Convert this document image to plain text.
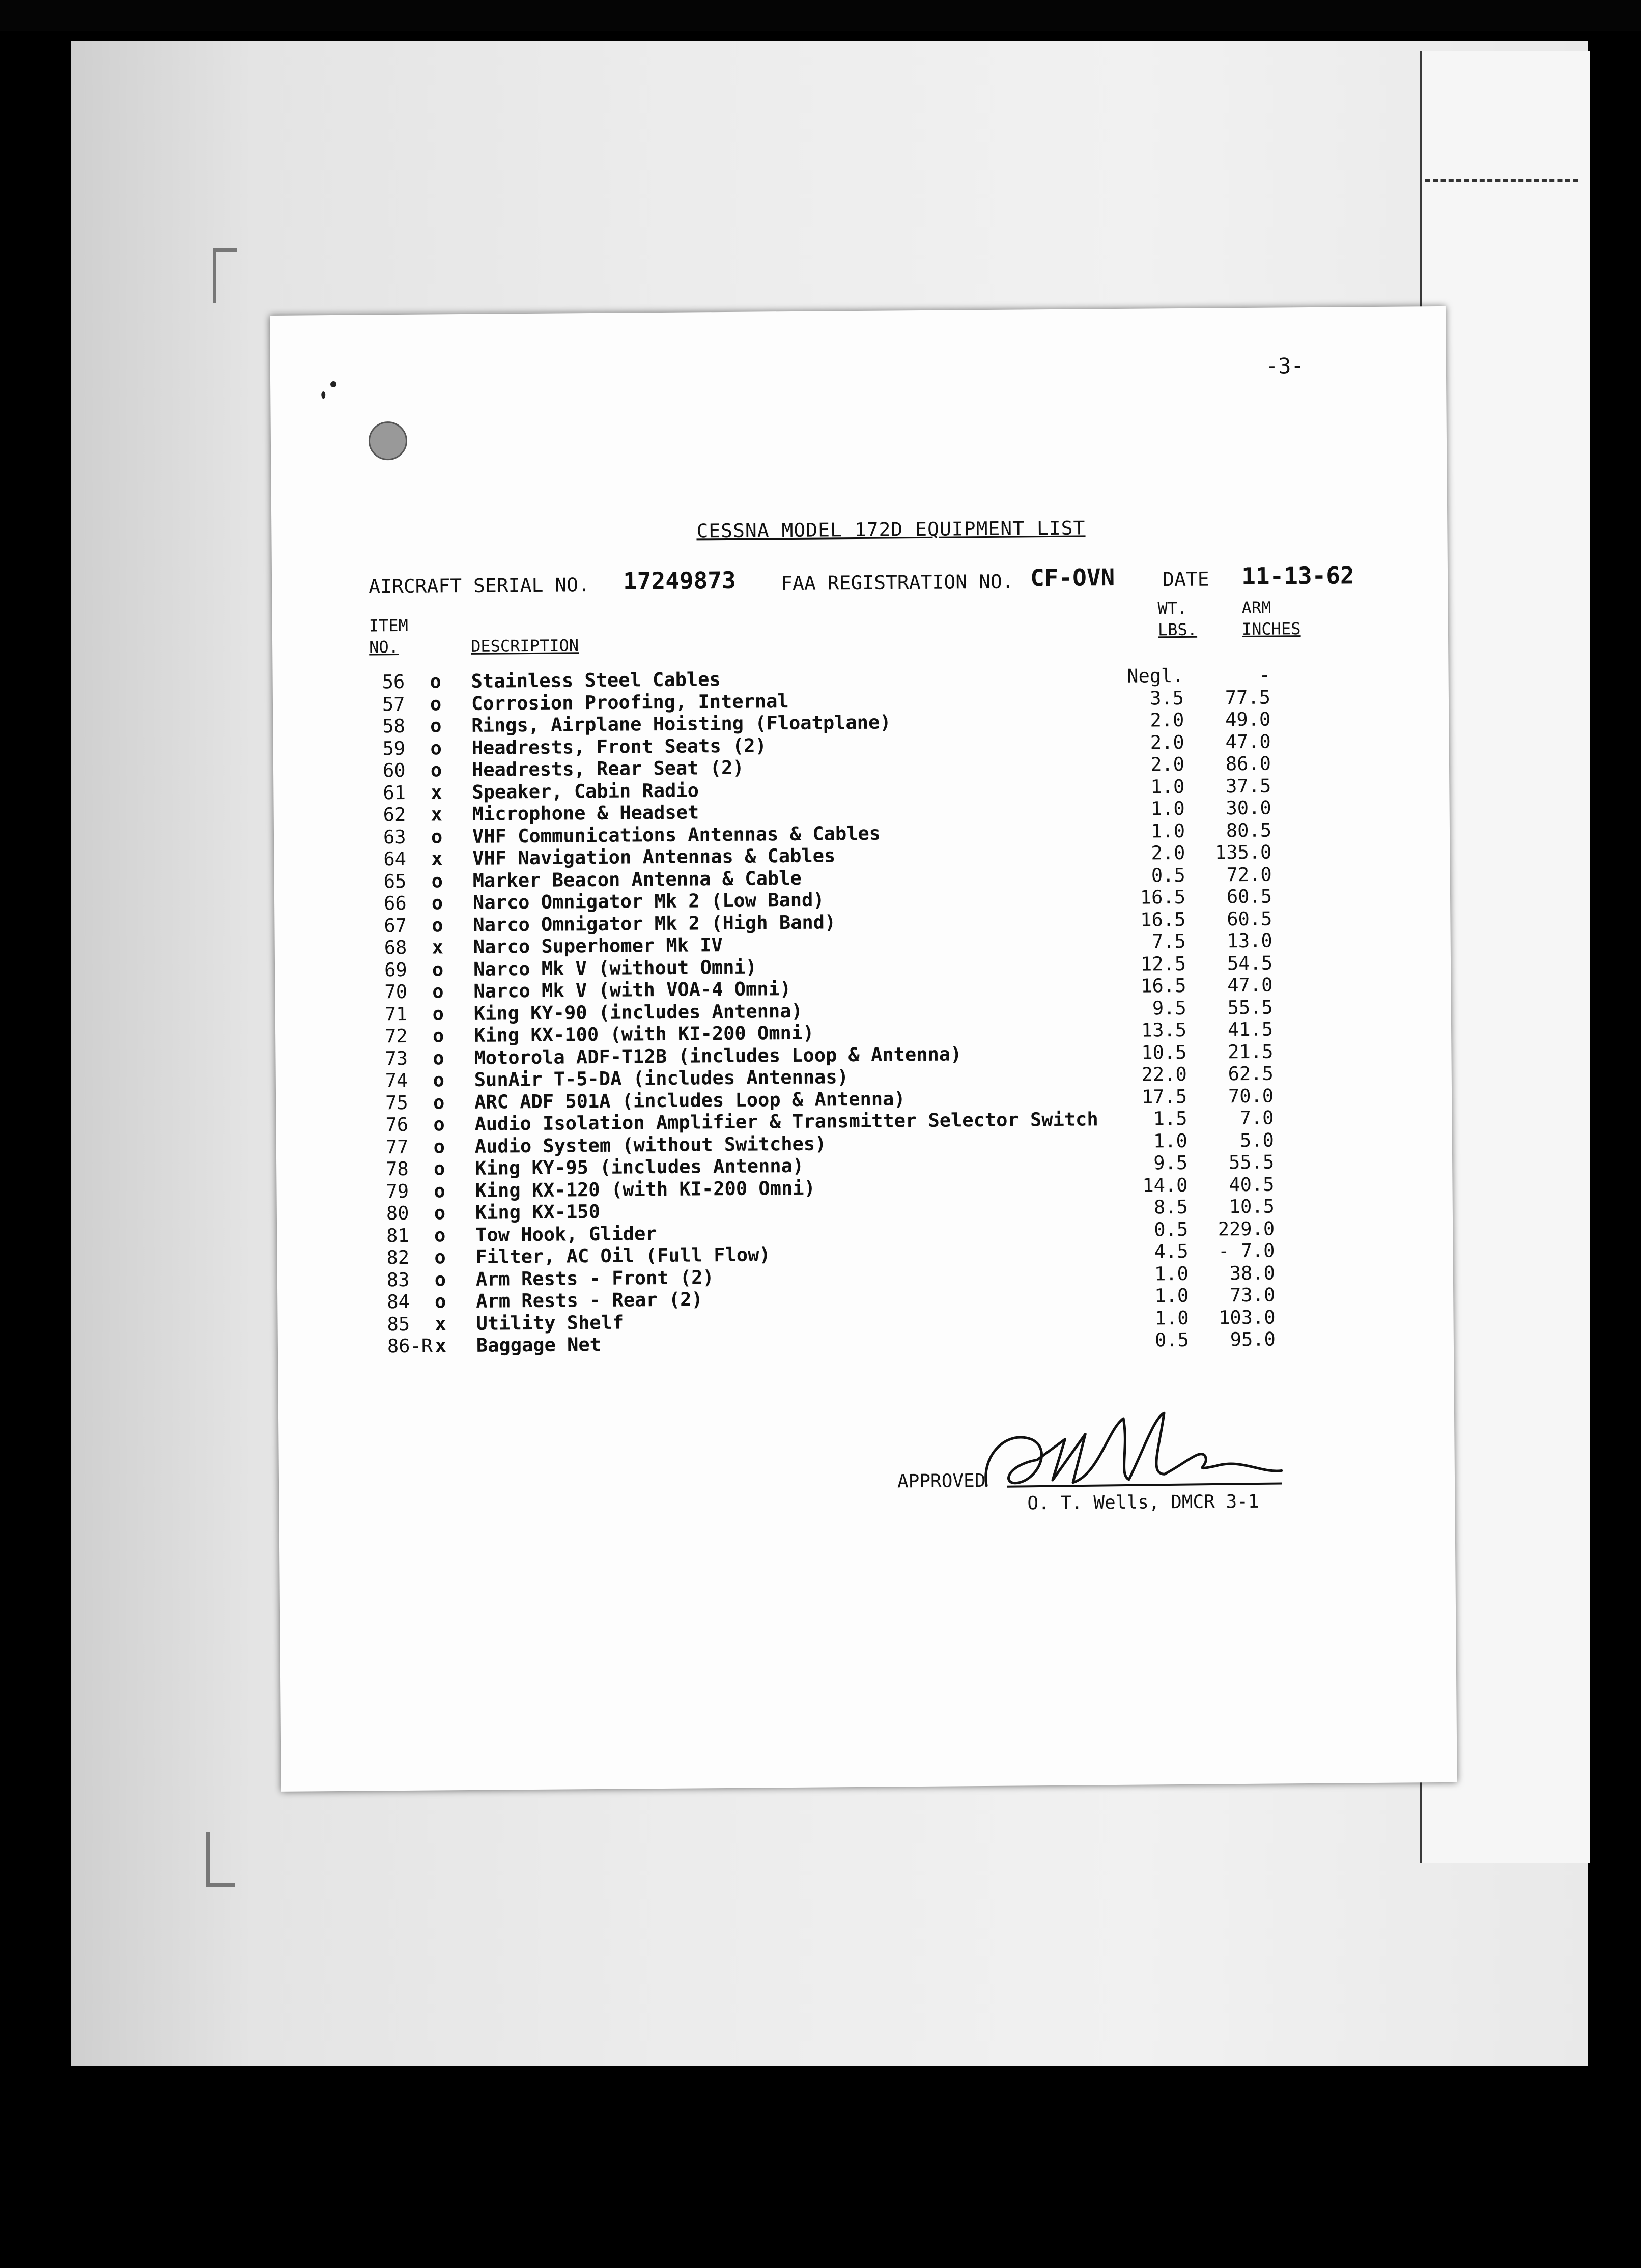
-3-
CESSNA MODEL 172D EQUIPMENT LIST
AIRCRAFT SERIAL NO. 17249873 FAA REGISTRATION NO. CF-OVN DATE 11-13-62
ITEM
NO.	DESCRIPTION
WT.
LBS.
ARM
INCHES
56	o Stainless Steel Cables	Negl.	-
57	o Corrosion Proofing, Internal	3.5	77.5
58	o Rings, Airplane Hoisting (Floatplane)	2.0	49.0
59	o Headrests, Front Seats (2)	2.0	47.0
60	o Headrests, Rear Seat (2)	2.0	86.0
61	x Speaker, Cabin Radio	1.0	37.5
62	x Microphone & Headset	1.0	30.0
63	o VHF Communications Antennas & Cables	1.0	80.5
64	x VHF Navigation Antennas & Cables	2.0	135.0
65	o Marker Beacon Antenna & Cable	0.5	72.0
66	o Narco Omnigator Mk 2 (Low Band)	16.5	60.5
67	o Narco Omnigator Mk 2 (High Band)	16.5	60.5
68	x Narco Superhomer Mk IV	7.5	13.0
69	o Narco Mk V (without Omni)	12.5	54.5
70	o Narco Mk V (with VOA-4 Omni)	16.5	47.0
71	o King KY-90 (includes Antenna)	9.5	55.5
72	o King KX-100 (with KI-200 Omni)	13.5	41.5
73	o Motorola ADF-T12B (includes Loop & Antenna)	10.5	21.5
74	o SunAir T-5-DA (includes Antennas)	22.0	62.5
75	o ARC ADF 501A (includes Loop & Antenna)	17.5	70.0
76	o Audio Isolation Amplifier & Transmitter Selector Switch	1.5	7.0
77	o Audio System (without Switches)	1.0	5.0
78	o King KY-95 (includes Antenna)	9.5	55.5
79	o King KX-120 (with KI-200 Omni)	14.0	40.5
80	o King KX-150	8.5	10.5
81	o Tow Hook, Glider	0.5	229.0
82	o Filter, AC Oil (Full Flow)	4.5	- 7.0
83	o Arm Rests - Front (2)	1.0	38.0
84	o Arm Rests - Rear (2)	1.0	73.0
85	x Utility Shelf	1.0	103.0
86-R x Baggage Net	0.5	95.0
APPROVED
O. T. Wells, DMCR 3-1
